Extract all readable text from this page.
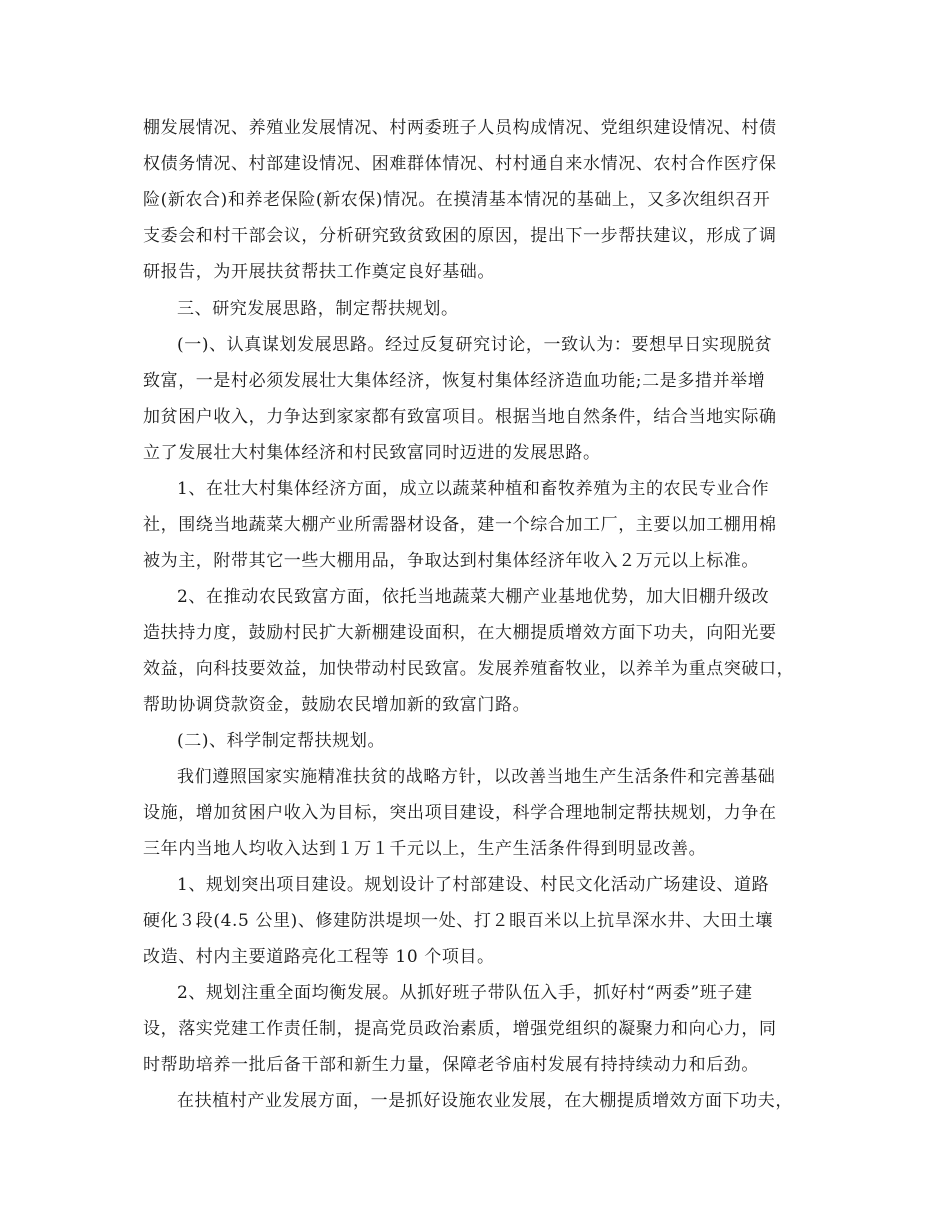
棚发展情况、养殖业发展情况、村两委班子人员构成情况、党组织建设情况、村债
权债务情况、村部建设情况、困难群体情况、村村通自来水情况、农村合作医疗保
险(新农合)和养老保险(新农保)情况。在摸清基本情况的基础上，又多次组织召开
支委会和村干部会议，分析研究致贫致困的原因，提出下一步帮扶建议，形成了调
研报告，为开展扶贫帮扶工作奠定良好基础。
三、研究发展思路，制定帮扶规划。
(一)、认真谋划发展思路。经过反复研究讨论，一致认为：要想早日实现脱贫
致富，一是村必须发展壮大集体经济，恢复村集体经济造血功能;二是多措并举增
加贫困户收入，力争达到家家都有致富项目。根据当地自然条件，结合当地实际确
立了发展壮大村集体经济和村民致富同时迈进的发展思路。
1、在壮大村集体经济方面，成立以蔬菜种植和畜牧养殖为主的农民专业合作
社，围绕当地蔬菜大棚产业所需器材设备，建一个综合加工厂，主要以加工棚用棉
被为主，附带其它一些大棚用品，争取达到村集体经济年收入２万元以上标准。
2、在推动农民致富方面，依托当地蔬菜大棚产业基地优势，加大旧棚升级改
造扶持力度，鼓励村民扩大新棚建设面积，在大棚提质增效方面下功夫，向阳光要
效益，向科技要效益，加快带动村民致富。发展养殖畜牧业，以养羊为重点突破口，
帮助协调贷款资金，鼓励农民增加新的致富门路。
(二)、科学制定帮扶规划。
我们遵照国家实施精准扶贫的战略方针，以改善当地生产生活条件和完善基础
设施，增加贫困户收入为目标，突出项目建设，科学合理地制定帮扶规划，力争在
三年内当地人均收入达到１万１千元以上，生产生活条件得到明显改善。
1、规划突出项目建设。规划设计了村部建设、村民文化活动广场建设、道路
硬化３段(4.5 公里)、修建防洪堤坝一处、打２眼百米以上抗旱深水井、大田土壤
改造、村内主要道路亮化工程等 10 个项目。
2、规划注重全面均衡发展。从抓好班子带队伍入手，抓好村“两委”班子建
设，落实党建工作责任制，提高党员政治素质，增强党组织的凝聚力和向心力，同
时帮助培养一批后备干部和新生力量，保障老爷庙村发展有持持续动力和后劲。
在扶植村产业发展方面，一是抓好设施农业发展，在大棚提质增效方面下功夫，
